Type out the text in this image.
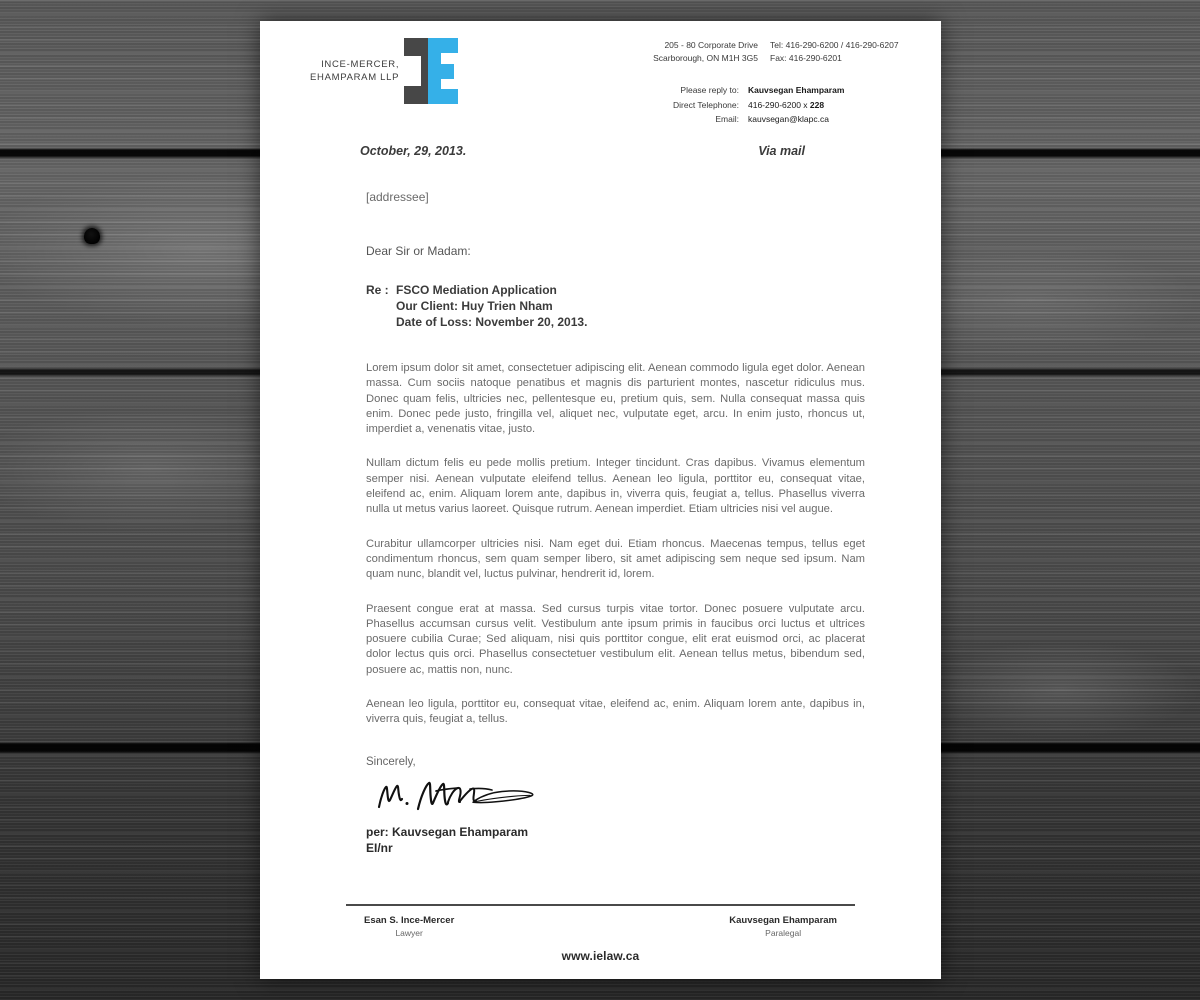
INCE-MERCER,
EHAMPARAM LLP
205 - 80 Corporate Drive
Scarborough, ON M1H 3G5
Tel: 416-290-6200 / 416-290-6207
Fax: 416-290-6201
Please reply to:	Kauvsegan Ehamparam
Direct Telephone:	416-290-6200 x 228
Email:	kauvsegan@klapc.ca
October, 29, 2013.	Via mail
[addressee]
Dear Sir or Madam:
Re : FSCO Mediation Application
Our Client: Huy Trien Nham
Date of Loss: November 20, 2013.
Lorem ipsum dolor sit amet, consectetuer adipiscing elit. Aenean commodo ligula eget dolor. Aenean massa. Cum sociis natoque penatibus et magnis dis parturient montes, nascetur ridiculus mus. Donec quam felis, ultricies nec, pellentesque eu, pretium quis, sem. Nulla consequat massa quis enim. Donec pede justo, fringilla vel, aliquet nec, vulputate eget, arcu. In enim justo, rhoncus ut, imperdiet a, venenatis vitae, justo.
Nullam dictum felis eu pede mollis pretium. Integer tincidunt. Cras dapibus. Vivamus elementum semper nisi. Aenean vulputate eleifend tellus. Aenean leo ligula, porttitor eu, consequat vitae, eleifend ac, enim. Aliquam lorem ante, dapibus in, viverra quis, feugiat a, tellus. Phasellus viverra nulla ut metus varius laoreet. Quisque rutrum. Aenean imperdiet. Etiam ultricies nisi vel augue.
Curabitur ullamcorper ultricies nisi. Nam eget dui. Etiam rhoncus. Maecenas tempus, tellus eget condimentum rhoncus, sem quam semper libero, sit amet adipiscing sem neque sed ipsum. Nam quam nunc, blandit vel, luctus pulvinar, hendrerit id, lorem.
Praesent congue erat at massa. Sed cursus turpis vitae tortor. Donec posuere vulputate arcu. Phasellus accumsan cursus velit. Vestibulum ante ipsum primis in faucibus orci luctus et ultrices posuere cubilia Curae; Sed aliquam, nisi quis porttitor congue, elit erat euismod orci, ac placerat dolor lectus quis orci. Phasellus consectetuer vestibulum elit. Aenean tellus metus, bibendum sed, posuere ac, mattis non, nunc.
Aenean leo ligula, porttitor eu, consequat vitae, eleifend ac, enim. Aliquam lorem ante, dapibus in, viverra quis, feugiat a, tellus.
Sincerely,
per: Kauvsegan Ehamparam
EI/nr
Esan S. Ince-Mercer
Lawyer
Kauvsegan Ehamparam
Paralegal
www.ielaw.ca
